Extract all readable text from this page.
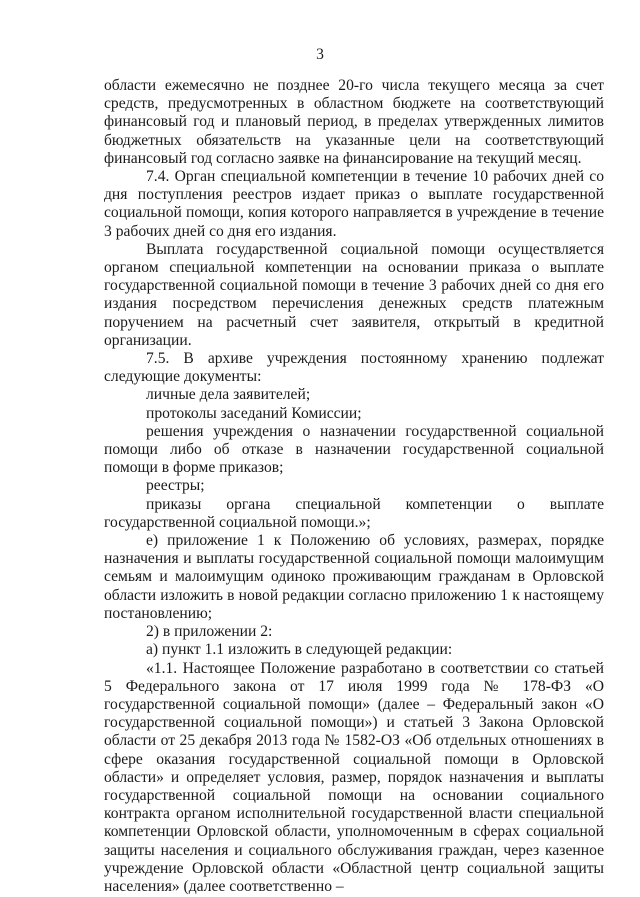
3

области ежемесячно не позднее 20-го числа текущего месяца за счет средств, предусмотренных в областном бюджете на соответствующий финансовый год и плановый период, в пределах утвержденных лимитов бюджетных обязательств на указанные цели на соответствующий финансовый год согласно заявке на финансирование на текущий месяц.

7.4. Орган специальной компетенции в течение 10 рабочих дней со дня поступления реестров издает приказ о выплате государственной социальной помощи, копия которого направляется в учреждение в течение 3 рабочих дней со дня его издания.

Выплата государственной социальной помощи осуществляется органом специальной компетенции на основании приказа о выплате государственной социальной помощи в течение 3 рабочих дней со дня его издания посредством перечисления денежных средств платежным поручением на расчетный счет заявителя, открытый в кредитной организации.

7.5. В архиве учреждения постоянному хранению подлежат следующие документы:

личные дела заявителей;

протоколы заседаний Комиссии;

решения учреждения о назначении государственной социальной помощи либо об отказе в назначении государственной социальной помощи в форме приказов;

реестры;

приказы органа специальной компетенции о выплате государственной социальной помощи.»;

е) приложение 1 к Положению об условиях, размерах, порядке назначения и выплаты государственной социальной помощи малоимущим семьям и малоимущим одиноко проживающим гражданам в Орловской области изложить в новой редакции согласно приложению 1 к настоящему постановлению;

2) в приложении 2:

а) пункт 1.1 изложить в следующей редакции:

«1.1. Настоящее Положение разработано в соответствии со статьей 5 Федерального закона от 17 июля 1999 года № 178-ФЗ «О государственной социальной помощи» (далее – Федеральный закон «О государственной социальной помощи») и статьей 3 Закона Орловской области от 25 декабря 2013 года № 1582-ОЗ «Об отдельных отношениях в сфере оказания государственной социальной помощи в Орловской области» и определяет условия, размер, порядок назначения и выплаты государственной социальной помощи на основании социального контракта органом исполнительной государственной власти специальной компетенции Орловской области, уполномоченным в сферах социальной защиты населения и социального обслуживания граждан, через казенное учреждение Орловской области «Областной центр социальной защиты населения» (далее соответственно –
